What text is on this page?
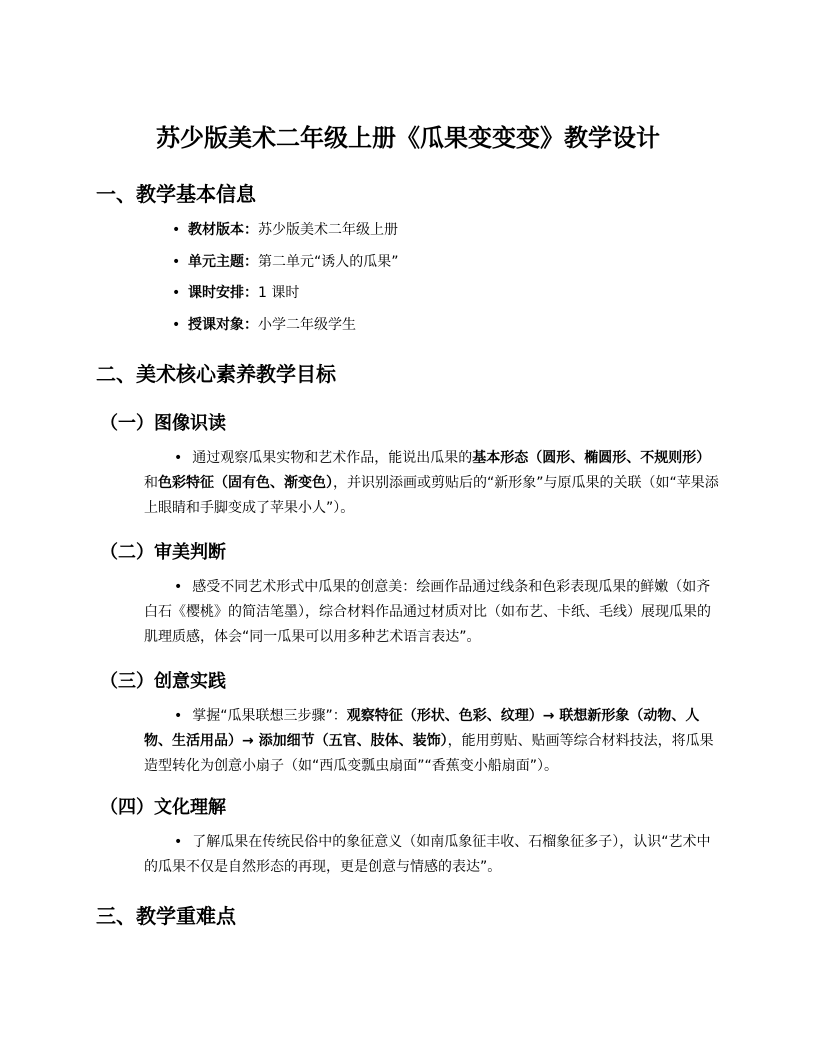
苏少版美术二年级上册《瓜果变变变》教学设计
一、教学基本信息
• 教材版本：苏少版美术二年级上册
• 单元主题：第二单元“诱人的瓜果”
• 课时安排：1 课时
• 授课对象：小学二年级学生
二、美术核心素养教学目标
（一）图像识读
• 通过观察瓜果实物和艺术作品，能说出瓜果的基本形态（圆形、椭圆形、不规则形）和色彩特征（固有色、渐变色），并识别添画或剪贴后的“新形象”与原瓜果的关联（如“苹果添上眼睛和手脚变成了苹果小人”）。
（二）审美判断
• 感受不同艺术形式中瓜果的创意美：绘画作品通过线条和色彩表现瓜果的鲜嫩（如齐白石《樱桃》的简洁笔墨），综合材料作品通过材质对比（如布艺、卡纸、毛线）展现瓜果的肌理质感，体会“同一瓜果可以用多种艺术语言表达”。
（三）创意实践
• 掌握“瓜果联想三步骤”：观察特征（形状、色彩、纹理）→ 联想新形象（动物、人物、生活用品）→ 添加细节（五官、肢体、装饰），能用剪贴、贴画等综合材料技法，将瓜果造型转化为创意小扇子（如“西瓜变瓢虫扇面”“香蕉变小船扇面”）。
（四）文化理解
• 了解瓜果在传统民俗中的象征意义（如南瓜象征丰收、石榴象征多子），认识“艺术中的瓜果不仅是自然形态的再现，更是创意与情感的表达”。
三、教学重难点
